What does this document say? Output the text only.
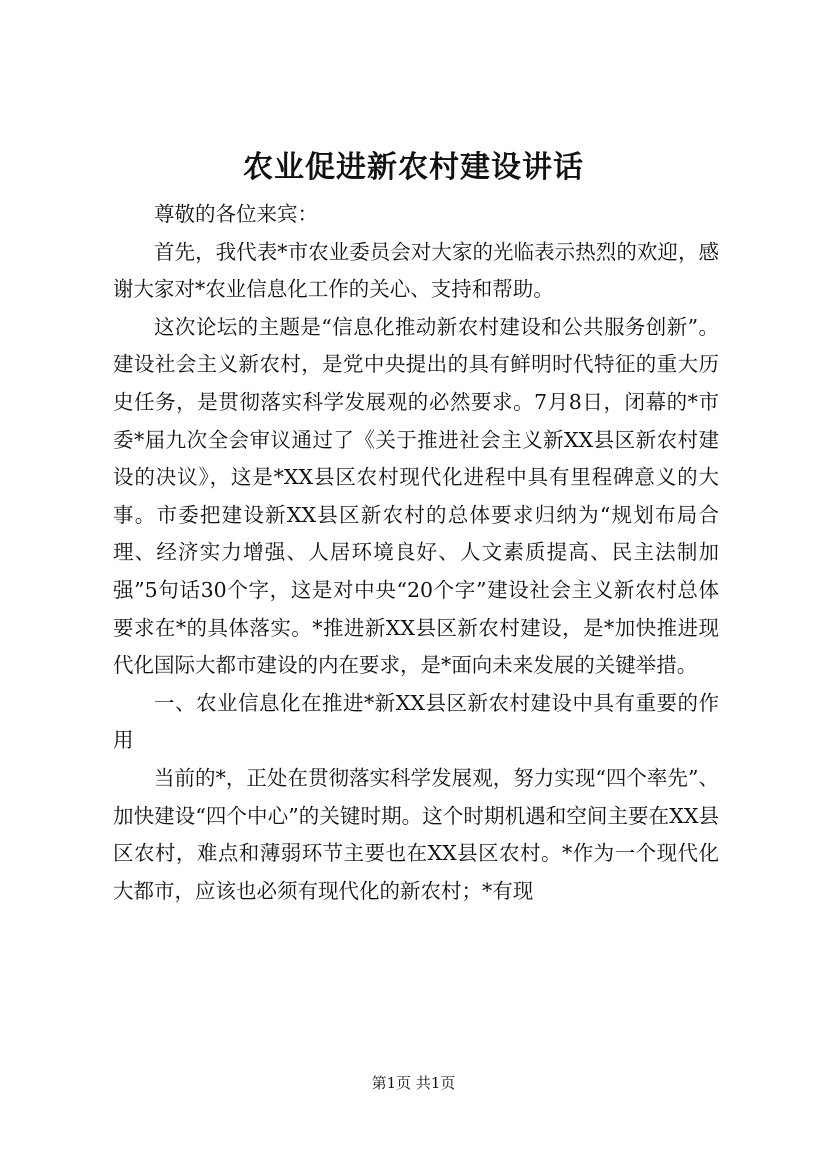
农业促进新农村建设讲话

尊敬的各位来宾：

首先，我代表*市农业委员会对大家的光临表示热烈的欢迎，感谢大家对*农业信息化工作的关心、支持和帮助。

这次论坛的主题是“信息化推动新农村建设和公共服务创新”。建设社会主义新农村，是党中央提出的具有鲜明时代特征的重大历史任务，是贯彻落实科学发展观的必然要求。7月8日，闭幕的*市委*届九次全会审议通过了《关于推进社会主义新XX县区新农村建设的决议》，这是*XX县区农村现代化进程中具有里程碑意义的大事。市委把建设新XX县区新农村的总体要求归纳为“规划布局合理、经济实力增强、人居环境良好、人文素质提高、民主法制加强”5句话30个字，这是对中央“20个字”建设社会主义新农村总体要求在*的具体落实。*推进新XX县区新农村建设，是*加快推进现代化国际大都市建设的内在要求，是*面向未来发展的关键举措。

一、农业信息化在推进*新XX县区新农村建设中具有重要的作用

当前的*，正处在贯彻落实科学发展观，努力实现“四个率先”、加快建设“四个中心”的关键时期。这个时期机遇和空间主要在XX县区农村，难点和薄弱环节主要也在XX县区农村。*作为一个现代化大都市，应该也必须有现代化的新农村；*有现

第1页 共1页
